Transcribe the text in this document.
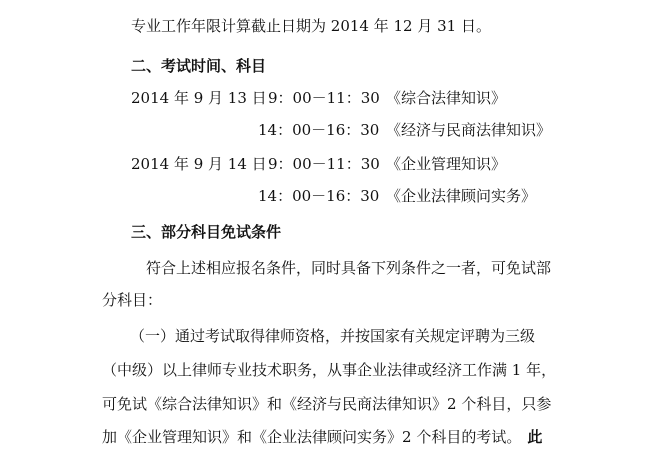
专业工作年限计算截止日期为 2014 年 12 月 31 日。
二、考试时间、科目
2014 年 9 月 13 日 9：00－11：30 《综合法律知识》
14：00－16：30 《经济与民商法律知识》
2014 年 9 月 14 日 9：00－11：30 《企业管理知识》
14：00－16：30 《企业法律顾问实务》
三、部分科目免试条件
符合上述相应报名条件，同时具备下列条件之一者，可免试部
分科目：
（一）通过考试取得律师资格，并按国家有关规定评聘为三级
（中级）以上律师专业技术职务，从事企业法律或经济工作满 1 年，
可免试《综合法律知识》和《经济与民商法律知识》2 个科目，只参
加《企业管理知识》和《企业法律顾问实务》2 个科目的考试。 此
